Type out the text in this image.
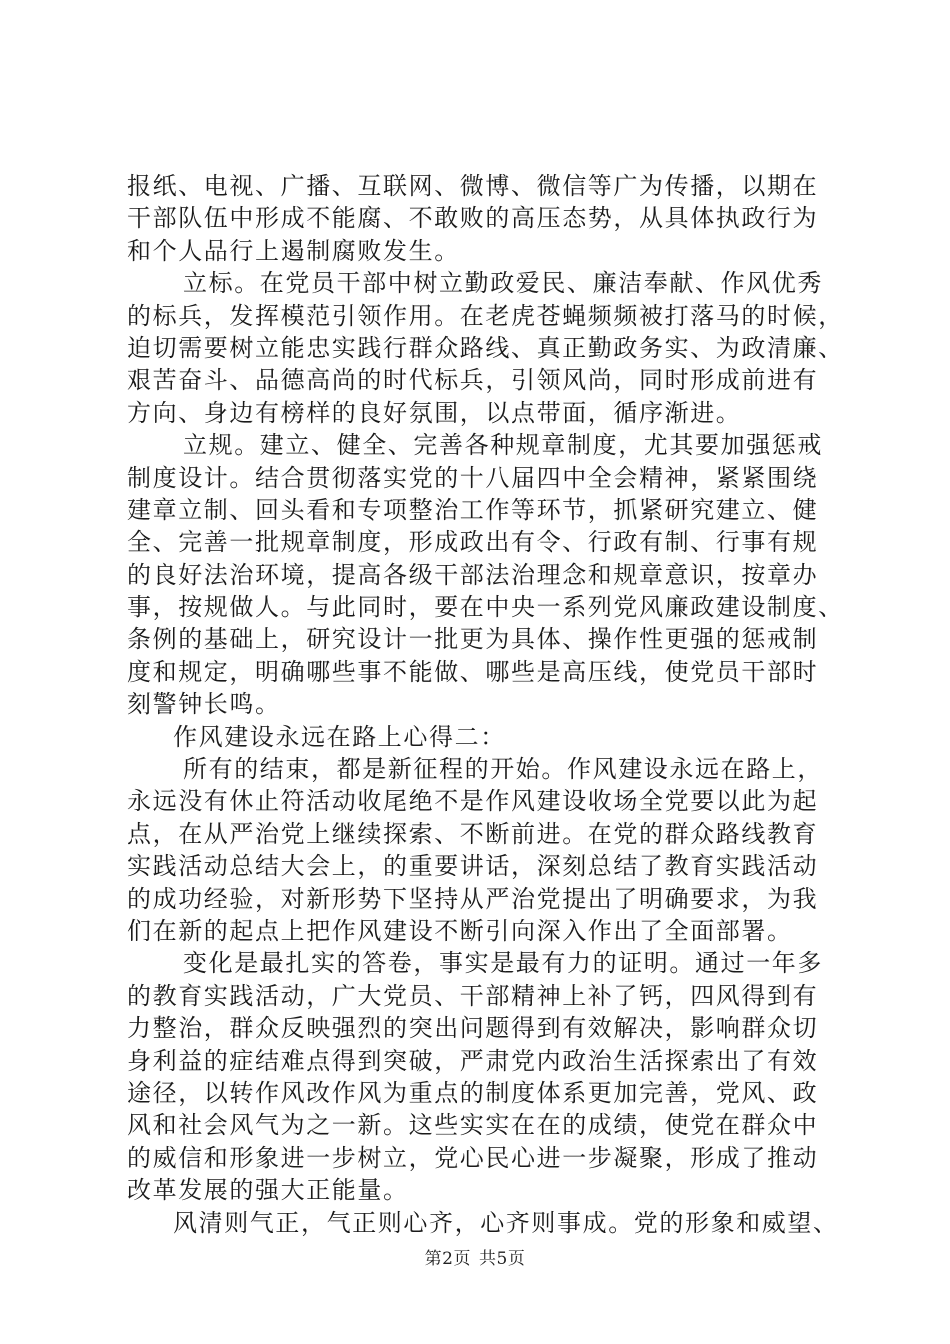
报纸、电视、广播、互联网、微博、微信等广为传播，以期在
干部队伍中形成不能腐、不敢败的高压态势，从具体执政行为
和个人品行上遏制腐败发生。
立标。在党员干部中树立勤政爱民、廉洁奉献、作风优秀
的标兵，发挥模范引领作用。在老虎苍蝇频频被打落马的时候，
迫切需要树立能忠实践行群众路线、真正勤政务实、为政清廉、
艰苦奋斗、品德高尚的时代标兵，引领风尚，同时形成前进有
方向、身边有榜样的良好氛围，以点带面，循序渐进。
立规。建立、健全、完善各种规章制度，尤其要加强惩戒
制度设计。结合贯彻落实党的十八届四中全会精神，紧紧围绕
建章立制、回头看和专项整治工作等环节，抓紧研究建立、健
全、完善一批规章制度，形成政出有令、行政有制、行事有规
的良好法治环境，提高各级干部法治理念和规章意识，按章办
事，按规做人。与此同时，要在中央一系列党风廉政建设制度、
条例的基础上，研究设计一批更为具体、操作性更强的惩戒制
度和规定，明确哪些事不能做、哪些是高压线，使党员干部时
刻警钟长鸣。
作风建设永远在路上心得二：
所有的结束，都是新征程的开始。作风建设永远在路上，
永远没有休止符活动收尾绝不是作风建设收场全党要以此为起
点，在从严治党上继续探索、不断前进。在党的群众路线教育
实践活动总结大会上，的重要讲话，深刻总结了教育实践活动
的成功经验，对新形势下坚持从严治党提出了明确要求，为我
们在新的起点上把作风建设不断引向深入作出了全面部署。
变化是最扎实的答卷，事实是最有力的证明。通过一年多
的教育实践活动，广大党员、干部精神上补了钙，四风得到有
力整治，群众反映强烈的突出问题得到有效解决，影响群众切
身利益的症结难点得到突破，严肃党内政治生活探索出了有效
途径，以转作风改作风为重点的制度体系更加完善，党风、政
风和社会风气为之一新。这些实实在在的成绩，使党在群众中
的威信和形象进一步树立，党心民心进一步凝聚，形成了推动
改革发展的强大正能量。
风清则气正，气正则心齐，心齐则事成。党的形象和威望、
第2页 共5页
